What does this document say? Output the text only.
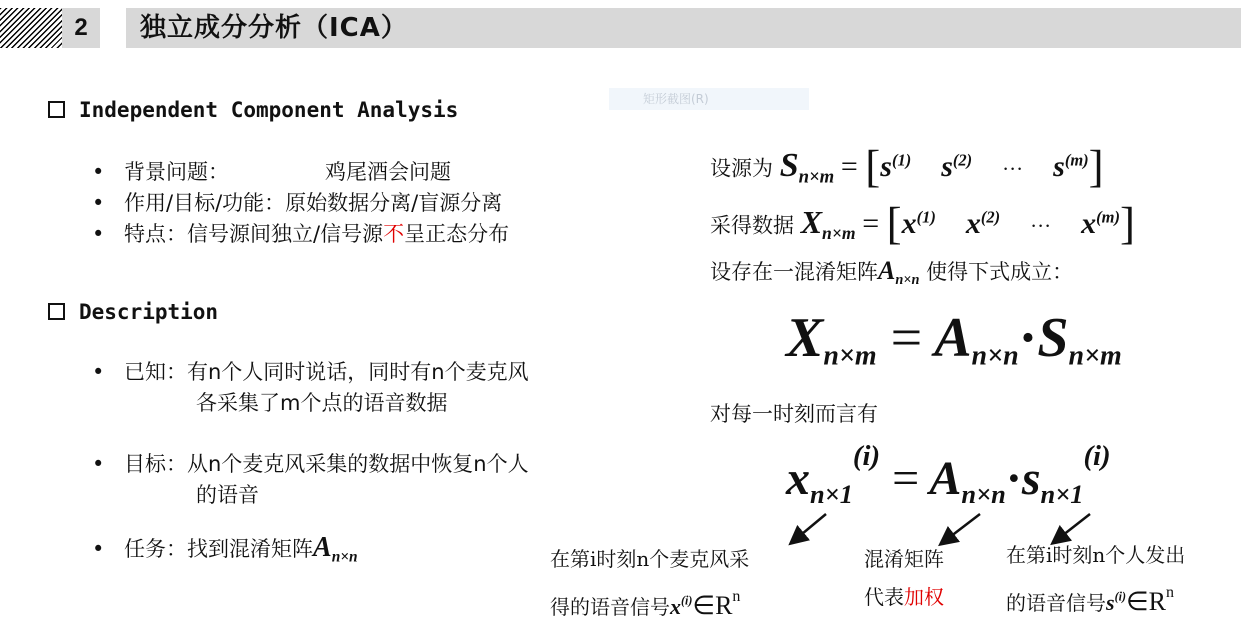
2	独立成分分析（ICA）
矩形截图(R)
Independent Component Analysis
• 背景问题：	鸡尾酒会问题
• 作用/目标/功能：原始数据分离/盲源分离
• 特点：信号源间独立/信号源不呈正态分布
Description
• 已知：有n个人同时说话，同时有n个麦克风
各采集了m个点的语音数据
• 目标：从n个麦克风采集的数据中恢复n个人
的语音
• 任务：找到混淆矩阵$A_{n\times n}$
设源为 $S_{n\times m} = [s^{(1)}$ $s^{(2)}$ ··· $s^{(m)}$]
采得数据 $X_{n\times m} = [x^{(1)}$ $x^{(2)}$ ··· $x^{(m)}$]
设存在一混淆矩阵$A_{n\times n}$ 使得下式成立：
$X_{n\times m} = A_{n\times n}\cdot S_{n\times m}$
对每一时刻而言有
$x_{n\times 1}^{(i)} = A_{n\times n}\cdot s_{n\times 1}^{(i)}$
在第i时刻n个麦克风采
得的语音信号$x^{(i)}\in R^n$
混淆矩阵
代表加权
在第i时刻n个人发出
的语音信号$s^{(i)}\in R^n$
